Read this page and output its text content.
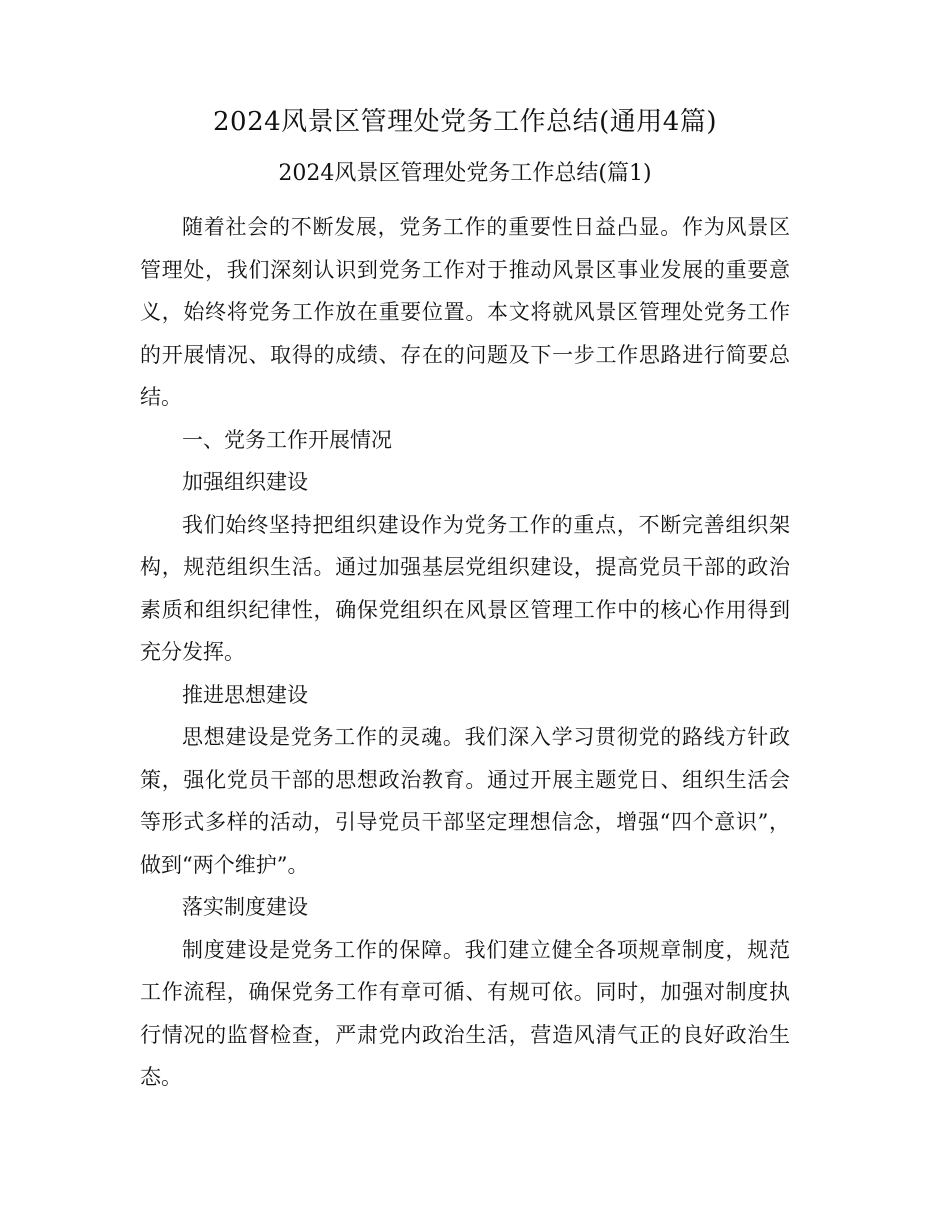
2024风景区管理处党务工作总结(通用4篇)
2024风景区管理处党务工作总结(篇1)

随着社会的不断发展，党务工作的重要性日益凸显。作为风景区管理处，我们深刻认识到党务工作对于推动风景区事业发展的重要意义，始终将党务工作放在重要位置。本文将就风景区管理处党务工作的开展情况、取得的成绩、存在的问题及下一步工作思路进行简要总结。

一、党务工作开展情况

加强组织建设

我们始终坚持把组织建设作为党务工作的重点，不断完善组织架构，规范组织生活。通过加强基层党组织建设，提高党员干部的政治素质和组织纪律性，确保党组织在风景区管理工作中的核心作用得到充分发挥。

推进思想建设

思想建设是党务工作的灵魂。我们深入学习贯彻党的路线方针政策，强化党员干部的思想政治教育。通过开展主题党日、组织生活会等形式多样的活动，引导党员干部坚定理想信念，增强“四个意识”，做到“两个维护”。

落实制度建设

制度建设是党务工作的保障。我们建立健全各项规章制度，规范工作流程，确保党务工作有章可循、有规可依。同时，加强对制度执行情况的监督检查，严肃党内政治生活，营造风清气正的良好政治生态。
